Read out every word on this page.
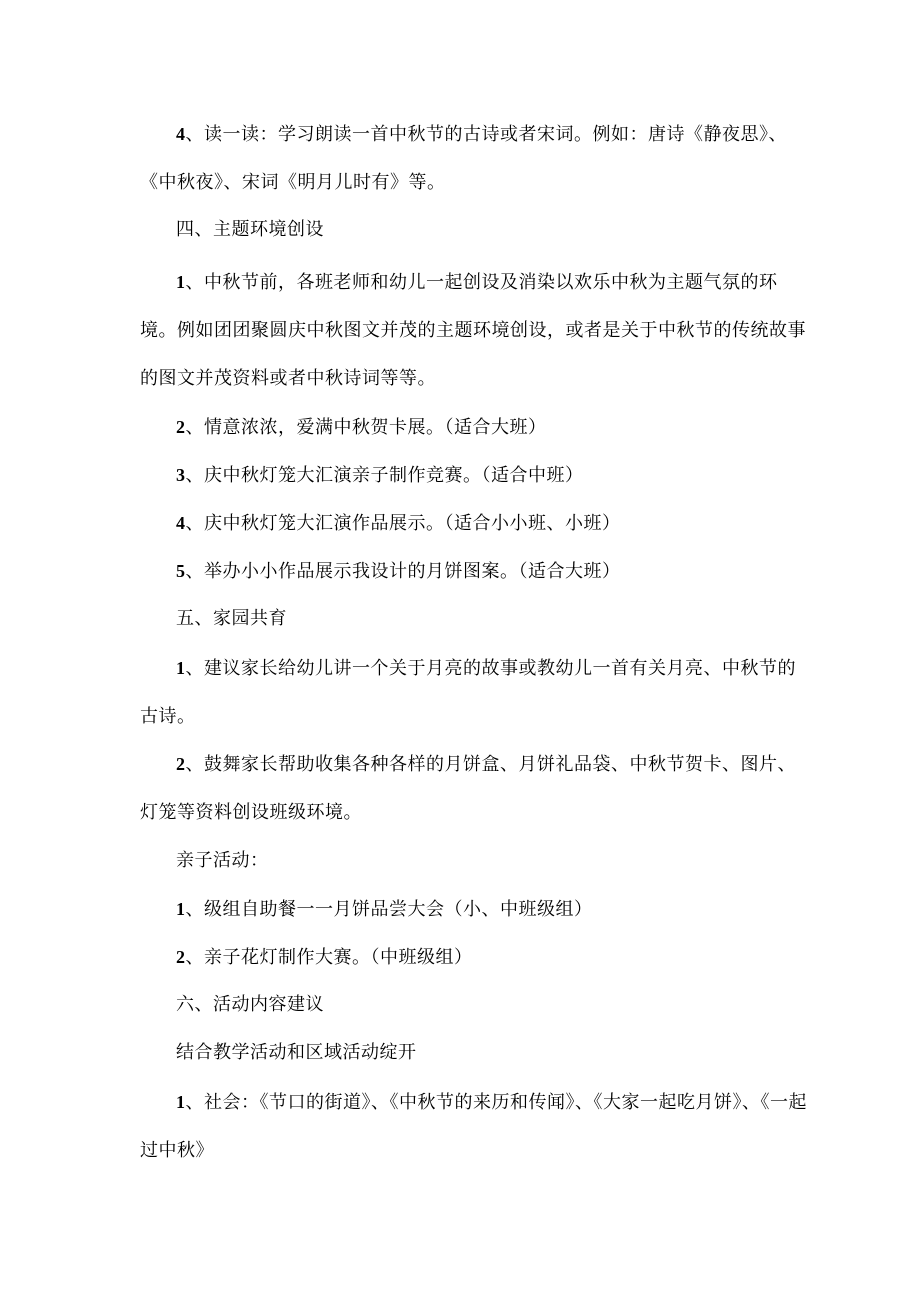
4、读一读：学习朗读一首中秋节的古诗或者宋词。例如：唐诗《静夜思》、《中秋夜》、宋词《明月儿时有》等。

四、主题环境创设

1、中秋节前，各班老师和幼儿一起创设及消染以欢乐中秋为主题气氛的环境。例如团团聚圆庆中秋图文并茂的主题环境创设，或者是关于中秋节的传统故事的图文并茂资料或者中秋诗词等等。

2、情意浓浓，爱满中秋贺卡展。（适合大班）

3、庆中秋灯笼大汇演亲子制作竞赛。（适合中班）

4、庆中秋灯笼大汇演作品展示。（适合小小班、小班）

5、举办小小作品展示我设计的月饼图案。（适合大班）

五、家园共育

1、建议家长给幼儿讲一个关于月亮的故事或教幼儿一首有关月亮、中秋节的古诗。

2、鼓舞家长帮助收集各种各样的月饼盒、月饼礼品袋、中秋节贺卡、图片、灯笼等资料创设班级环境。

亲子活动：

1、级组自助餐一一月饼品尝大会（小、中班级组）

2、亲子花灯制作大赛。（中班级组）

六、活动内容建议

结合教学活动和区域活动绽开

1、社会：《节口的街道》、《中秋节的来历和传闻》、《大家一起吃月饼》、《一起过中秋》
